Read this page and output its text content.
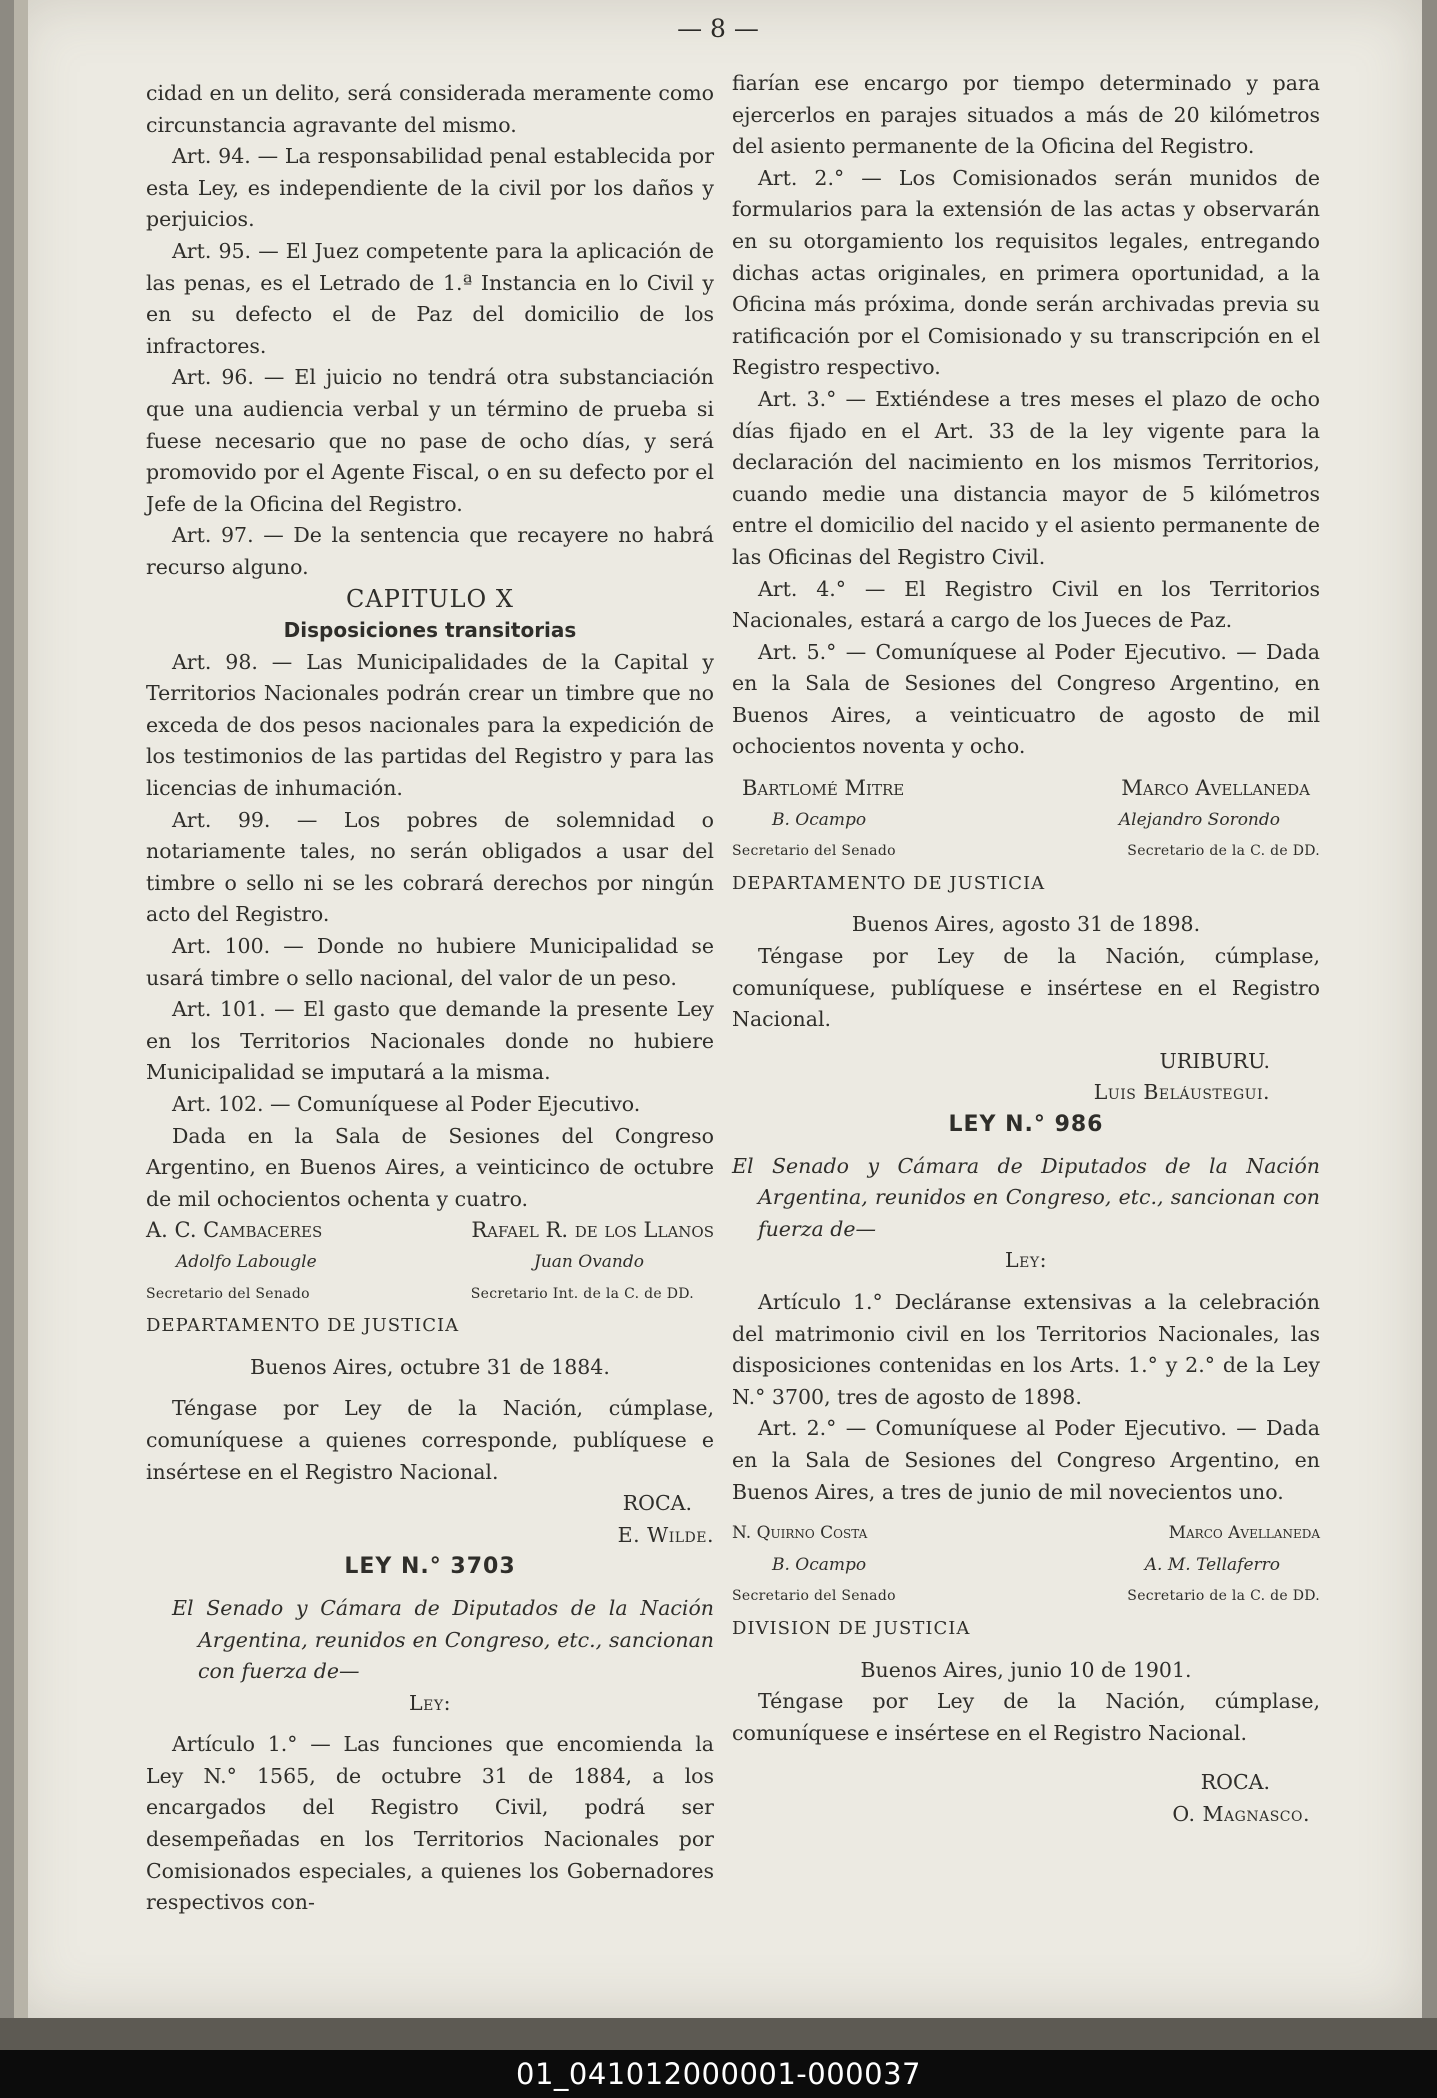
— 8 —

cidad en un delito, será considerada meramente como circunstancia agravante del mismo.

Art. 94. — La responsabilidad penal establecida por esta Ley, es independiente de la civil por los daños y perjuicios.

Art. 95. — El Juez competente para la aplicación de las penas, es el Letrado de 1.ª Instancia en lo Civil y en su defecto el de Paz del domicilio de los infractores.

Art. 96. — El juicio no tendrá otra substanciación que una audiencia verbal y un término de prueba si fuese necesario que no pase de ocho días, y será promovido por el Agente Fiscal, o en su defecto por el Jefe de la Oficina del Registro.

Art. 97. — De la sentencia que recayere no habrá recurso alguno.

CAPITULO X

Disposiciones transitorias

Art. 98. — Las Municipalidades de la Capital y Territorios Nacionales podrán crear un timbre que no exceda de dos pesos nacionales para la expedición de los testimonios de las partidas del Registro y para las licencias de inhumación.

Art. 99. — Los pobres de solemnidad o notariamente tales, no serán obligados a usar del timbre o sello ni se les cobrará derechos por ningún acto del Registro.

Art. 100. — Donde no hubiere Municipalidad se usará timbre o sello nacional, del valor de un peso.

Art. 101. — El gasto que demande la presente Ley en los Territorios Nacionales donde no hubiere Municipalidad se imputará a la misma.

Art. 102. — Comuníquese al Poder Ejecutivo.

Dada en la Sala de Sesiones del Congreso Argentino, en Buenos Aires, a veinticinco de octubre de mil ochocientos ochenta y cuatro.

A. C. Cambaceres	Rafael R. de los Llanos
Adolfo Labougle	Juan Ovando
Secretario del Senado	Secretario Int. de la C. de DD.

DEPARTAMENTO DE JUSTICIA

Buenos Aires, octubre 31 de 1884.

Téngase por Ley de la Nación, cúmplase, comuníquese a quienes corresponde, publíquese e insértese en el Registro Nacional.

ROCA.

E. Wilde.

LEY N.° 3703

El Senado y Cámara de Diputados de la Nación Argentina, reunidos en Congreso, etc., sancionan con fuerza de—

Ley:

Artículo 1.° — Las funciones que encomienda la Ley N.° 1565, de octubre 31 de 1884, a los encargados del Registro Civil, podrá ser desempeñadas en los Territorios Nacionales por Comisionados especiales, a quienes los Gobernadores respectivos con-

fiarían ese encargo por tiempo determinado y para ejercerlos en parajes situados a más de 20 kilómetros del asiento permanente de la Oficina del Registro.

Art. 2.° — Los Comisionados serán munidos de formularios para la extensión de las actas y observarán en su otorgamiento los requisitos legales, entregando dichas actas originales, en primera oportunidad, a la Oficina más próxima, donde serán archivadas previa su ratificación por el Comisionado y su transcripción en el Registro respectivo.

Art. 3.° — Extiéndese a tres meses el plazo de ocho días fijado en el Art. 33 de la ley vigente para la declaración del nacimiento en los mismos Territorios, cuando medie una distancia mayor de 5 kilómetros entre el domicilio del nacido y el asiento permanente de las Oficinas del Registro Civil.

Art. 4.° — El Registro Civil en los Territorios Nacionales, estará a cargo de los Jueces de Paz.

Art. 5.° — Comuníquese al Poder Ejecutivo. — Dada en la Sala de Sesiones del Congreso Argentino, en Buenos Aires, a veinticuatro de agosto de mil ochocientos noventa y ocho.

Bartlomé Mitre	Marco Avellaneda
B. Ocampo	Alejandro Sorondo
Secretario del Senado	Secretario de la C. de DD.

DEPARTAMENTO DE JUSTICIA

Buenos Aires, agosto 31 de 1898.

Téngase por Ley de la Nación, cúmplase, comuníquese, publíquese e insértese en el Registro Nacional.

URIBURU.

Luis Beláustegui.

LEY N.° 986

El Senado y Cámara de Diputados de la Nación Argentina, reunidos en Congreso, etc., sancionan con fuerza de—

Ley:

Artículo 1.° Decláranse extensivas a la celebración del matrimonio civil en los Territorios Nacionales, las disposiciones contenidas en los Arts. 1.° y 2.° de la Ley N.° 3700, tres de agosto de 1898.

Art. 2.° — Comuníquese al Poder Ejecutivo. — Dada en la Sala de Sesiones del Congreso Argentino, en Buenos Aires, a tres de junio de mil novecientos uno.

N. Quirno Costa	Marco Avellaneda
B. Ocampo	A. M. Tellaferro
Secretario del Senado	Secretario de la C. de DD.

DIVISION DE JUSTICIA

Buenos Aires, junio 10 de 1901.

Téngase por Ley de la Nación, cúmplase, comuníquese e insértese en el Registro Nacional.

ROCA.

O. Magnasco.

01_041012000001-000037
